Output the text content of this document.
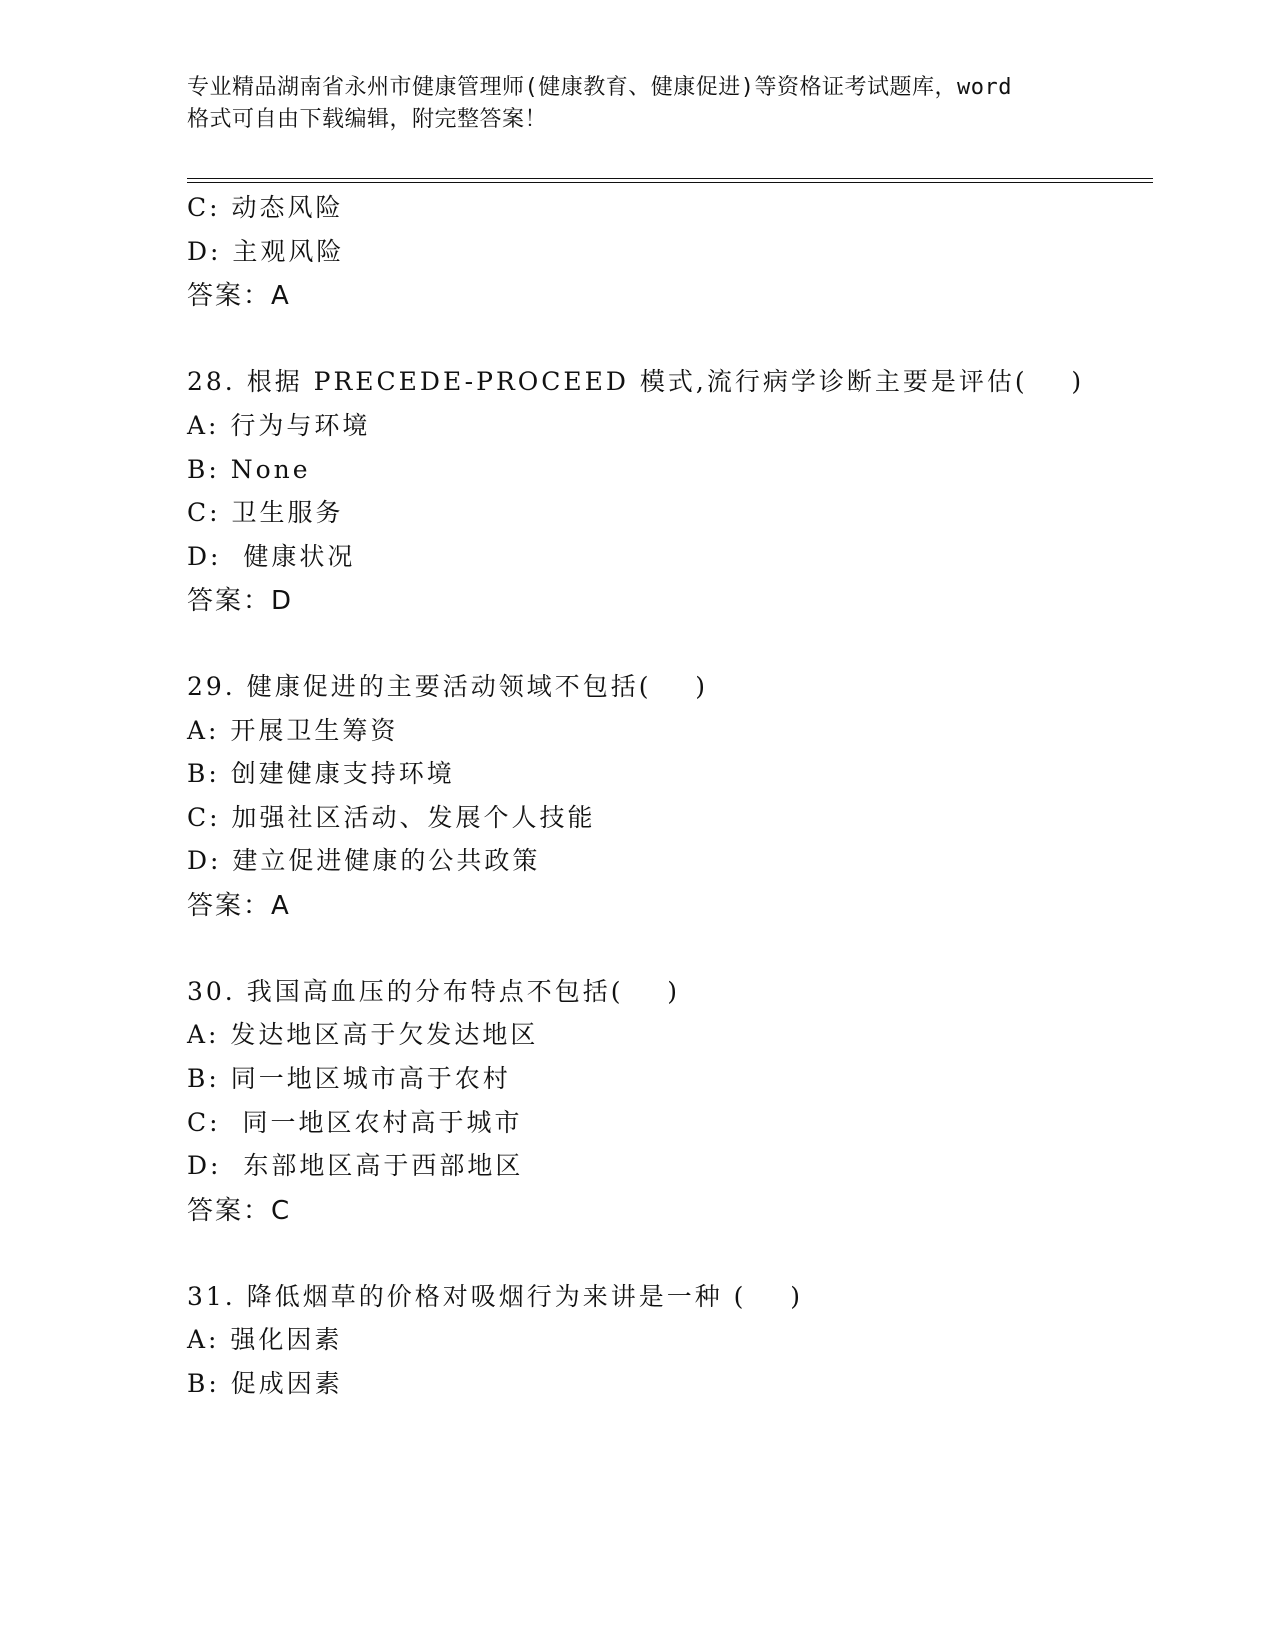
专业精品湖南省永州市健康管理师(健康教育、健康促进)等资格证考试题库，word
格式可自由下载编辑，附完整答案！
C: 动态风险
D: 主观风险
答案：A
28. 根据 PRECEDE-PROCEED 模式,流行病学诊断主要是评估(    )
A: 行为与环境
B: None
C: 卫生服务
D:  健康状况
答案：D
29. 健康促进的主要活动领域不包括(    )
A: 开展卫生筹资
B: 创建健康支持环境
C: 加强社区活动、发展个人技能
D: 建立促进健康的公共政策
答案：A
30. 我国高血压的分布特点不包括(    )
A: 发达地区高于欠发达地区
B: 同一地区城市高于农村
C:  同一地区农村高于城市
D:  东部地区高于西部地区
答案：C
31. 降低烟草的价格对吸烟行为来讲是一种 (    )
A: 强化因素
B: 促成因素
